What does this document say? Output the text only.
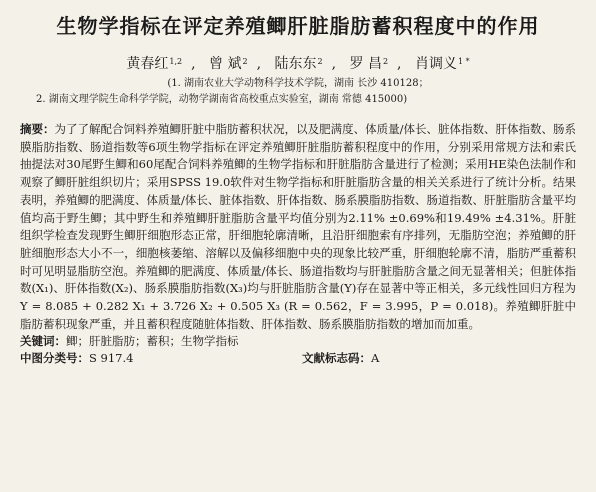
生物学指标在评定养殖鲫肝脏脂肪蓄积程度中的作用
黄春红$^{1,2}$ , 曾 斌$^2$ , 陆东东$^2$ , 罗 昌$^2$ , 肖调义$^{1 *}$
(1. 湖南农业大学动物科学技术学院，湖南 长沙 410128；
2. 湖南文理学院生命科学学院，动物学湖南省高校重点实验室，湖南 常德 415000)
摘要：为了了解配合饲料养殖鲫肝脏中脂肪蓄积状况，以及肥满度、体质量/体长、脏体指数、肝体指数、肠系膜脂肪指数、肠道指数等6项生物学指标在评定养殖鲫肝脏脂肪蓄积程度中的作用，分别采用常规方法和索氏抽提法对30尾野生鲫和60尾配合饲料养殖鲫的生物学指标和肝脏脂肪含量进行了检测；采用HE染色法制作和观察了鲫肝脏组织切片；采用SPSS 19.0软件对生物学指标和肝脏脂肪含量的相关关系进行了统计分析。结果表明，养殖鲫的肥满度、体质量/体长、脏体指数、肝体指数、肠系膜脂肪指数、肠道指数、肝脏脂肪含量平均值均高于野生鲫；其中野生和养殖鲫肝脏脂肪含量平均值分别为2.11% ±0.69%和19.49% ±4.31%。肝脏组织学检查发现野生鲫肝细胞形态正常，肝细胞轮廓清晰，且沿肝细胞索有序排列，无脂肪空泡；养殖鲫的肝脏细胞形态大小不一，细胞核萎缩、溶解以及偏移细胞中央的现象比较严重，肝细胞轮廓不清，脂肪严重蓄积时可见明显脂肪空泡。养殖鲫的肥满度、体质量/体长、肠道指数均与肝脏脂肪含量之间无显著相关；但脏体指数(X₁)、肝体指数(X₂)、肠系膜脂肪指数(X₃)均与肝脏脂肪含量(Y)存在显著中等正相关，多元线性回归方程为 Y = 8.085 + 0.282 X₁ + 3.726 X₂ + 0.505 X₃ (R = 0.562，F = 3.995，P = 0.018)。养殖鲫肝脏中脂肪蓄积现象严重，并且蓄积程度随脏体指数、肝体指数、肠系膜脂肪指数的增加而加重。
关键词：鲫；肝脏脂肪；蓄积；生物学指标
中图分类号：S 917.4	文献标志码：A
